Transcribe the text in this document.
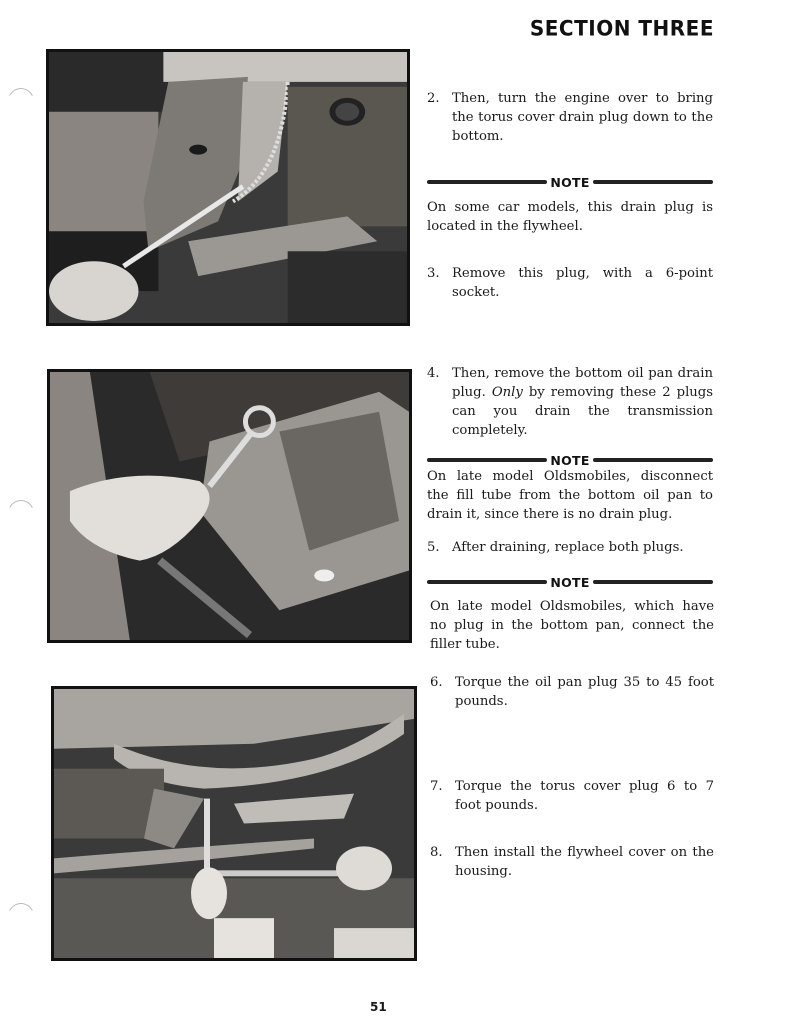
SECTION THREE
2. Then, turn the engine over to bring the torus cover drain plug down to the bottom.
NOTE
On some car models, this drain plug is located in the flywheel.
3. Remove this plug, with a 6-point socket.
4. Then, remove the bottom oil pan drain plug. Only by removing these 2 plugs can you drain the transmission completely.
NOTE
On late model Oldsmobiles, disconnect the fill tube from the bottom oil pan to drain it, since there is no drain plug.
5. After draining, replace both plugs.
NOTE
On late model Oldsmobiles, which have no plug in the bottom pan, connect the filler tube.
6. Torque the oil pan plug 35 to 45 foot pounds.
7. Torque the torus cover plug 6 to 7 foot pounds.
8. Then install the flywheel cover on the housing.
51
